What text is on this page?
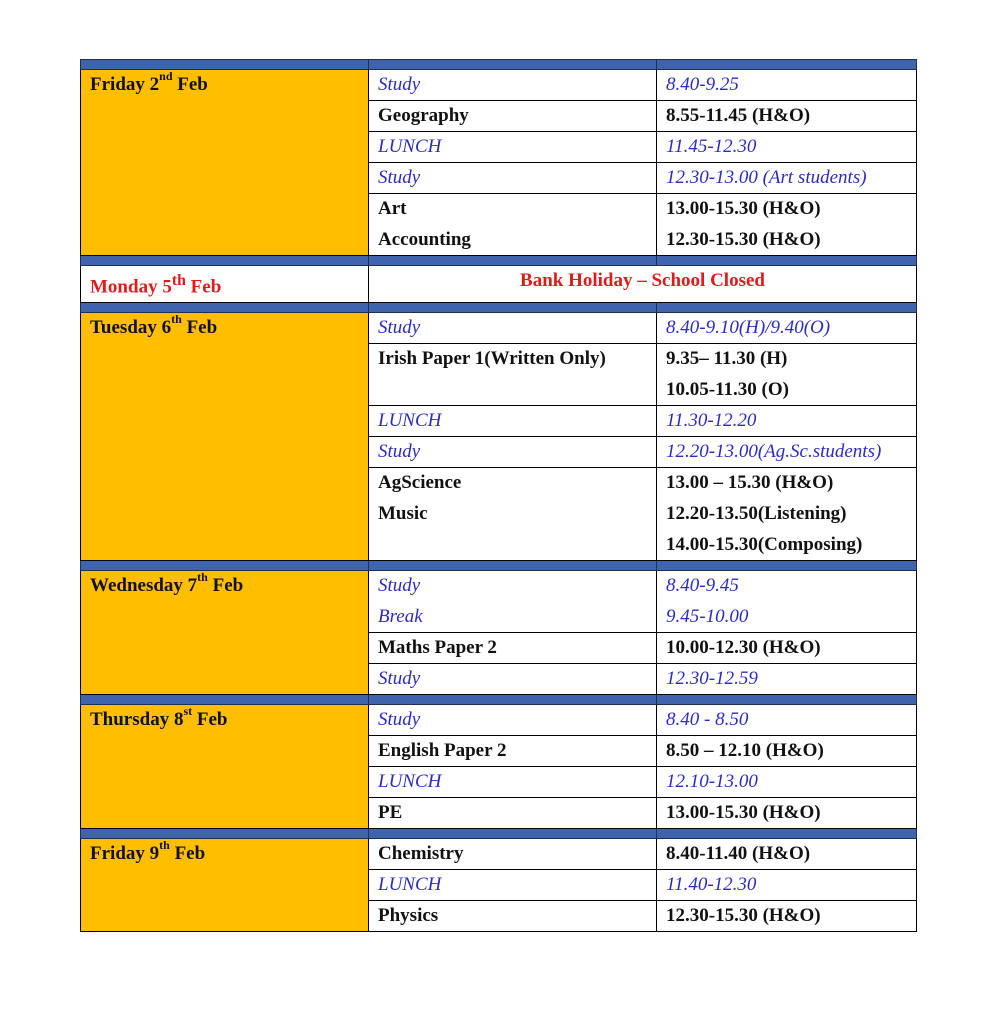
Friday 2nd Feb	Study	8.40-9.25
	Geography	8.55-11.45 (H&O)
	LUNCH	11.45-12.30
	Study	12.30-13.00 (Art students)
	Art	13.00-15.30 (H&O)
	Accounting	12.30-15.30 (H&O)

Monday 5th Feb	Bank Holiday – School Closed	

Tuesday 6th Feb	Study	8.40-9.10(H)/9.40(O)
	Irish Paper 1(Written Only)	9.35– 11.30 (H)
		10.05-11.30 (O)
	LUNCH	11.30-12.20
	Study	12.20-13.00(Ag.Sc.students)
	AgScience	13.00 – 15.30 (H&O)
	Music	12.20-13.50(Listening)
		14.00-15.30(Composing)

Wednesday 7th Feb	Study	8.40-9.45
	Break	9.45-10.00
	Maths Paper 2	10.00-12.30 (H&O)
	Study	12.30-12.59

Thursday 8st Feb	Study	8.40 - 8.50
	English Paper 2	8.50 – 12.10 (H&O)
	LUNCH	12.10-13.00
	PE	13.00-15.30 (H&O)

Friday 9th Feb	Chemistry	8.40-11.40 (H&O)
	LUNCH	11.40-12.30
	Physics	12.30-15.30 (H&O)
